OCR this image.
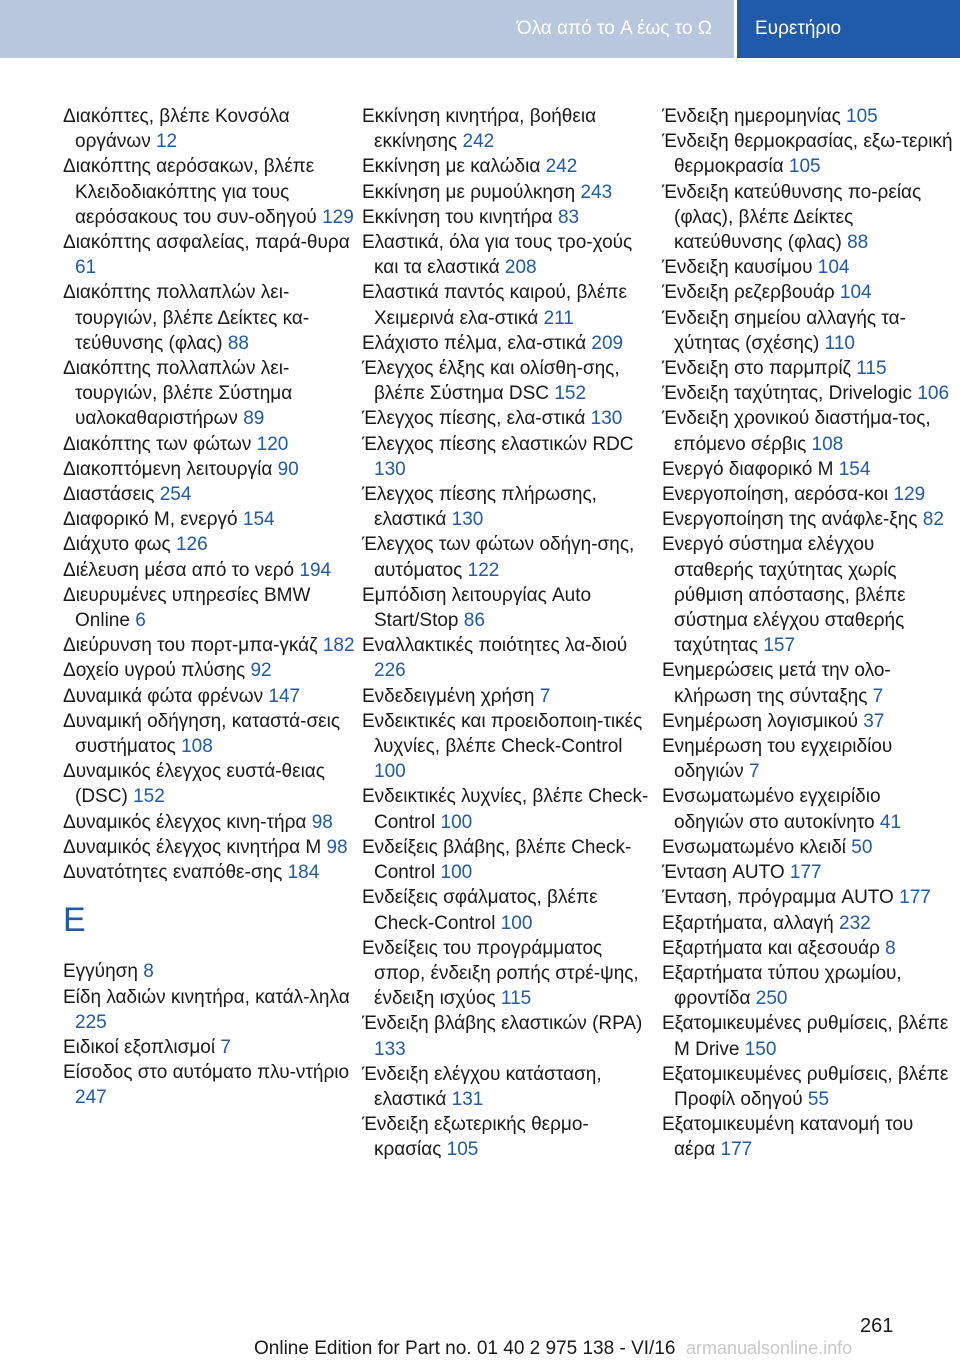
Όλα από το A έως το Ω	Ευρετήριο
Διακόπτες, βλέπε Κονσόλα οργάνων 12
Διακόπτης αερόσακων, βλέπε Κλειδοδιακόπτης για τους αερόσακους του συν‐οδηγού 129
Διακόπτης ασφαλείας, παρά‐θυρα 61
Διακόπτης πολλαπλών λει‐τουργιών, βλέπε Δείκτες κα‐τεύθυνσης (φλας) 88
Διακόπτης πολλαπλών λει‐τουργιών, βλέπε Σύστημα υαλοκαθαριστήρων 89
Διακόπτης των φώτων 120
Διακοπτόμενη λειτουργία 90
Διαστάσεις 254
Διαφορικό M, ενεργό 154
Διάχυτο φως 126
Διέλευση μέσα από το νερό 194
Διευρυμένες υπηρεσίες BMW Online 6
Διεύρυνση του πορτ-μπα‐γκάζ 182
Δοχείο υγρού πλύσης 92
Δυναμικά φώτα φρένων 147
Δυναμική οδήγηση, καταστά‐σεις συστήματος 108
Δυναμικός έλεγχος ευστά‐θειας (DSC) 152
Δυναμικός έλεγχος κινη‐τήρα 98
Δυναμικός έλεγχος κινητήρα M 98
Δυνατότητες εναπόθε‐σης 184
E
Εγγύηση 8
Είδη λαδιών κινητήρα, κατάλ‐ληλα 225
Ειδικοί εξοπλισμοί 7
Είσοδος στο αυτόματο πλυ‐ντήριο 247
Εκκίνηση κινητήρα, βοήθεια εκκίνησης 242
Εκκίνηση με καλώδια 242
Εκκίνηση με ρυμούλκηση 243
Εκκίνηση του κινητήρα 83
Ελαστικά, όλα για τους τρο‐χούς και τα ελαστικά 208
Ελαστικά παντός καιρού, βλέπε Χειμερινά ελα‐στικά 211
Ελάχιστο πέλμα, ελα‐στικά 209
Έλεγχος έλξης και ολίσθη‐σης, βλέπε Σύστημα DSC 152
Έλεγχος πίεσης, ελα‐στικά 130
Έλεγχος πίεσης ελαστικών RDC 130
Έλεγχος πίεσης πλήρωσης, ελαστικά 130
Έλεγχος των φώτων οδήγη‐σης, αυτόματος 122
Εμπόδιση λειτουργίας Auto Start/Stop 86
Εναλλακτικές ποιότητες λα‐διού 226
Ενδεδειγμένη χρήση 7
Ενδεικτικές και προειδοποιη‐τικές λυχνίες, βλέπε Check-Control 100
Ενδεικτικές λυχνίες, βλέπε Check-Control 100
Ενδείξεις βλάβης, βλέπε Check-Control 100
Ενδείξεις σφάλματος, βλέπε Check-Control 100
Ενδείξεις του προγράμματος σπορ, ένδειξη ροπής στρέ‐ψης, ένδειξη ισχύος 115
Ένδειξη βλάβης ελαστικών (RPA) 133
Ένδειξη ελέγχου κατάσταση, ελαστικά 131
Ένδειξη εξωτερικής θερμο‐κρασίας 105
Ένδειξη ημερομηνίας 105
Ένδειξη θερμοκρασίας, εξω‐τερική θερμοκρασία 105
Ένδειξη κατεύθυνσης πο‐ρείας (φλας), βλέπε Δείκτες κατεύθυνσης (φλας) 88
Ένδειξη καυσίμου 104
Ένδειξη ρεζερβουάρ 104
Ένδειξη σημείου αλλαγής τα‐χύτητας (σχέσης) 110
Ένδειξη στο παρμπρίζ 115
Ένδειξη ταχύτητας, Drivelogic 106
Ένδειξη χρονικού διαστήμα‐τος, επόμενο σέρβις 108
Ενεργό διαφορικό M 154
Ενεργοποίηση, αερόσα‐κοι 129
Ενεργοποίηση της ανάφλε‐ξης 82
Ενεργό σύστημα ελέγχου σταθερής ταχύτητας χωρίς ρύθμιση απόστασης, βλέπε σύστημα ελέγχου σταθερής ταχύτητας 157
Ενημερώσεις μετά την ολο‐κλήρωση της σύνταξης 7
Ενημέρωση λογισμικού 37
Ενημέρωση του εγχειριδίου οδηγιών 7
Ενσωματωμένο εγχειρίδιο οδηγιών στο αυτοκίνητο 41
Ενσωματωμένο κλειδί 50
Ένταση AUTO 177
Ένταση, πρόγραμμα AUTO 177
Εξαρτήματα, αλλαγή 232
Εξαρτήματα και αξεσουάρ 8
Εξαρτήματα τύπου χρωμίου, φροντίδα 250
Εξατομικευμένες ρυθμίσεις, βλέπε M Drive 150
Εξατομικευμένες ρυθμίσεις, βλέπε Προφίλ οδηγού 55
Εξατομικευμένη κατανομή του αέρα 177
261
Online Edition for Part no. 01 40 2 975 138 - VI/16 armanualsonline.info
